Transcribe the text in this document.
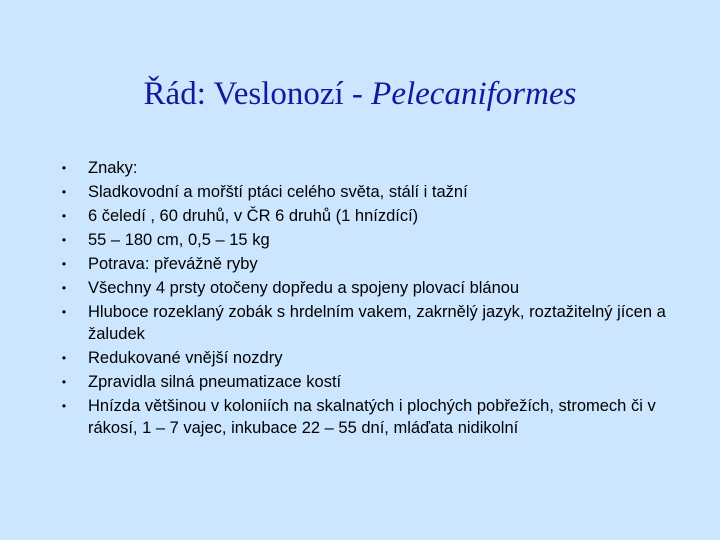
Řád: Veslonozí - Pelecaniformes
•	Znaky:
•	Sladkovodní a mořští ptáci celého světa, stálí i tažní
•	6 čeledí , 60 druhů, v ČR 6 druhů (1 hnízdící)
•	55 – 180 cm, 0,5 – 15 kg
•	Potrava: převážně ryby
•	Všechny 4 prsty otočeny dopředu a spojeny plovací blánou
•	Hluboce rozeklaný zobák s hrdelním vakem, zakrnělý jazyk, roztažitelný jícen a žaludek
•	Redukované vnější nozdry
•	Zpravidla silná pneumatizace kostí
•	Hnízda většinou v koloniích na skalnatých i plochých pobřežích, stromech či v rákosí, 1 – 7 vajec, inkubace 22 – 55 dní, mláďata nidikolní
